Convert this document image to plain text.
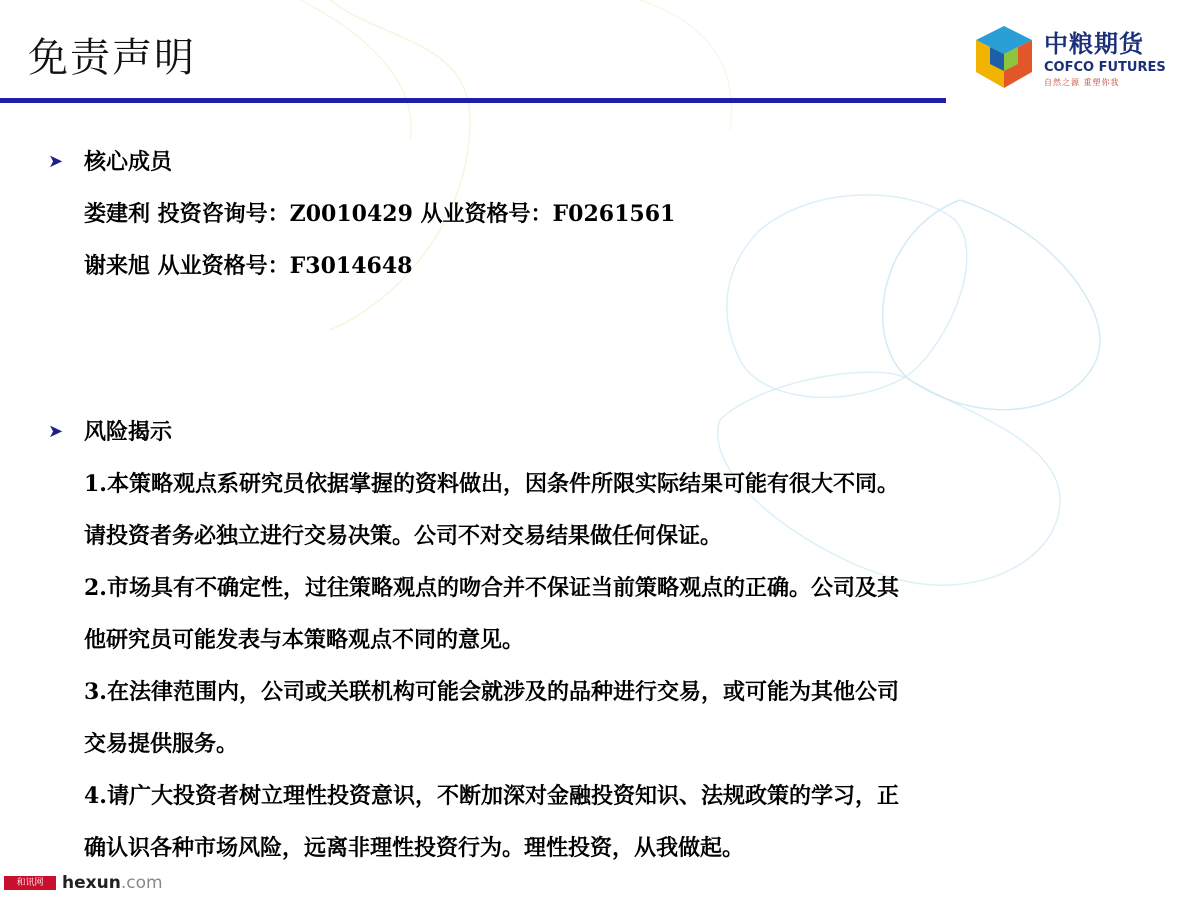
免责声明	中粮期货
COFCO FUTURES
自然之源 重塑你我
➤ 核心成员
娄建利 投资咨询号：Z0010429 从业资格号：F0261561
谢来旭 从业资格号：F3014648
➤ 风险揭示
1.本策略观点系研究员依据掌握的资料做出，因条件所限实际结果可能有很大不同。
请投资者务必独立进行交易决策。公司不对交易结果做任何保证。
2.市场具有不确定性，过往策略观点的吻合并不保证当前策略观点的正确。公司及其
他研究员可能发表与本策略观点不同的意见。
3.在法律范围内，公司或关联机构可能会就涉及的品种进行交易，或可能为其他公司
交易提供服务。
4.请广大投资者树立理性投资意识，不断加深对金融投资知识、法规政策的学习，正
确认识各种市场风险，远离非理性投资行为。理性投资，从我做起。
和讯网	hexun.com
